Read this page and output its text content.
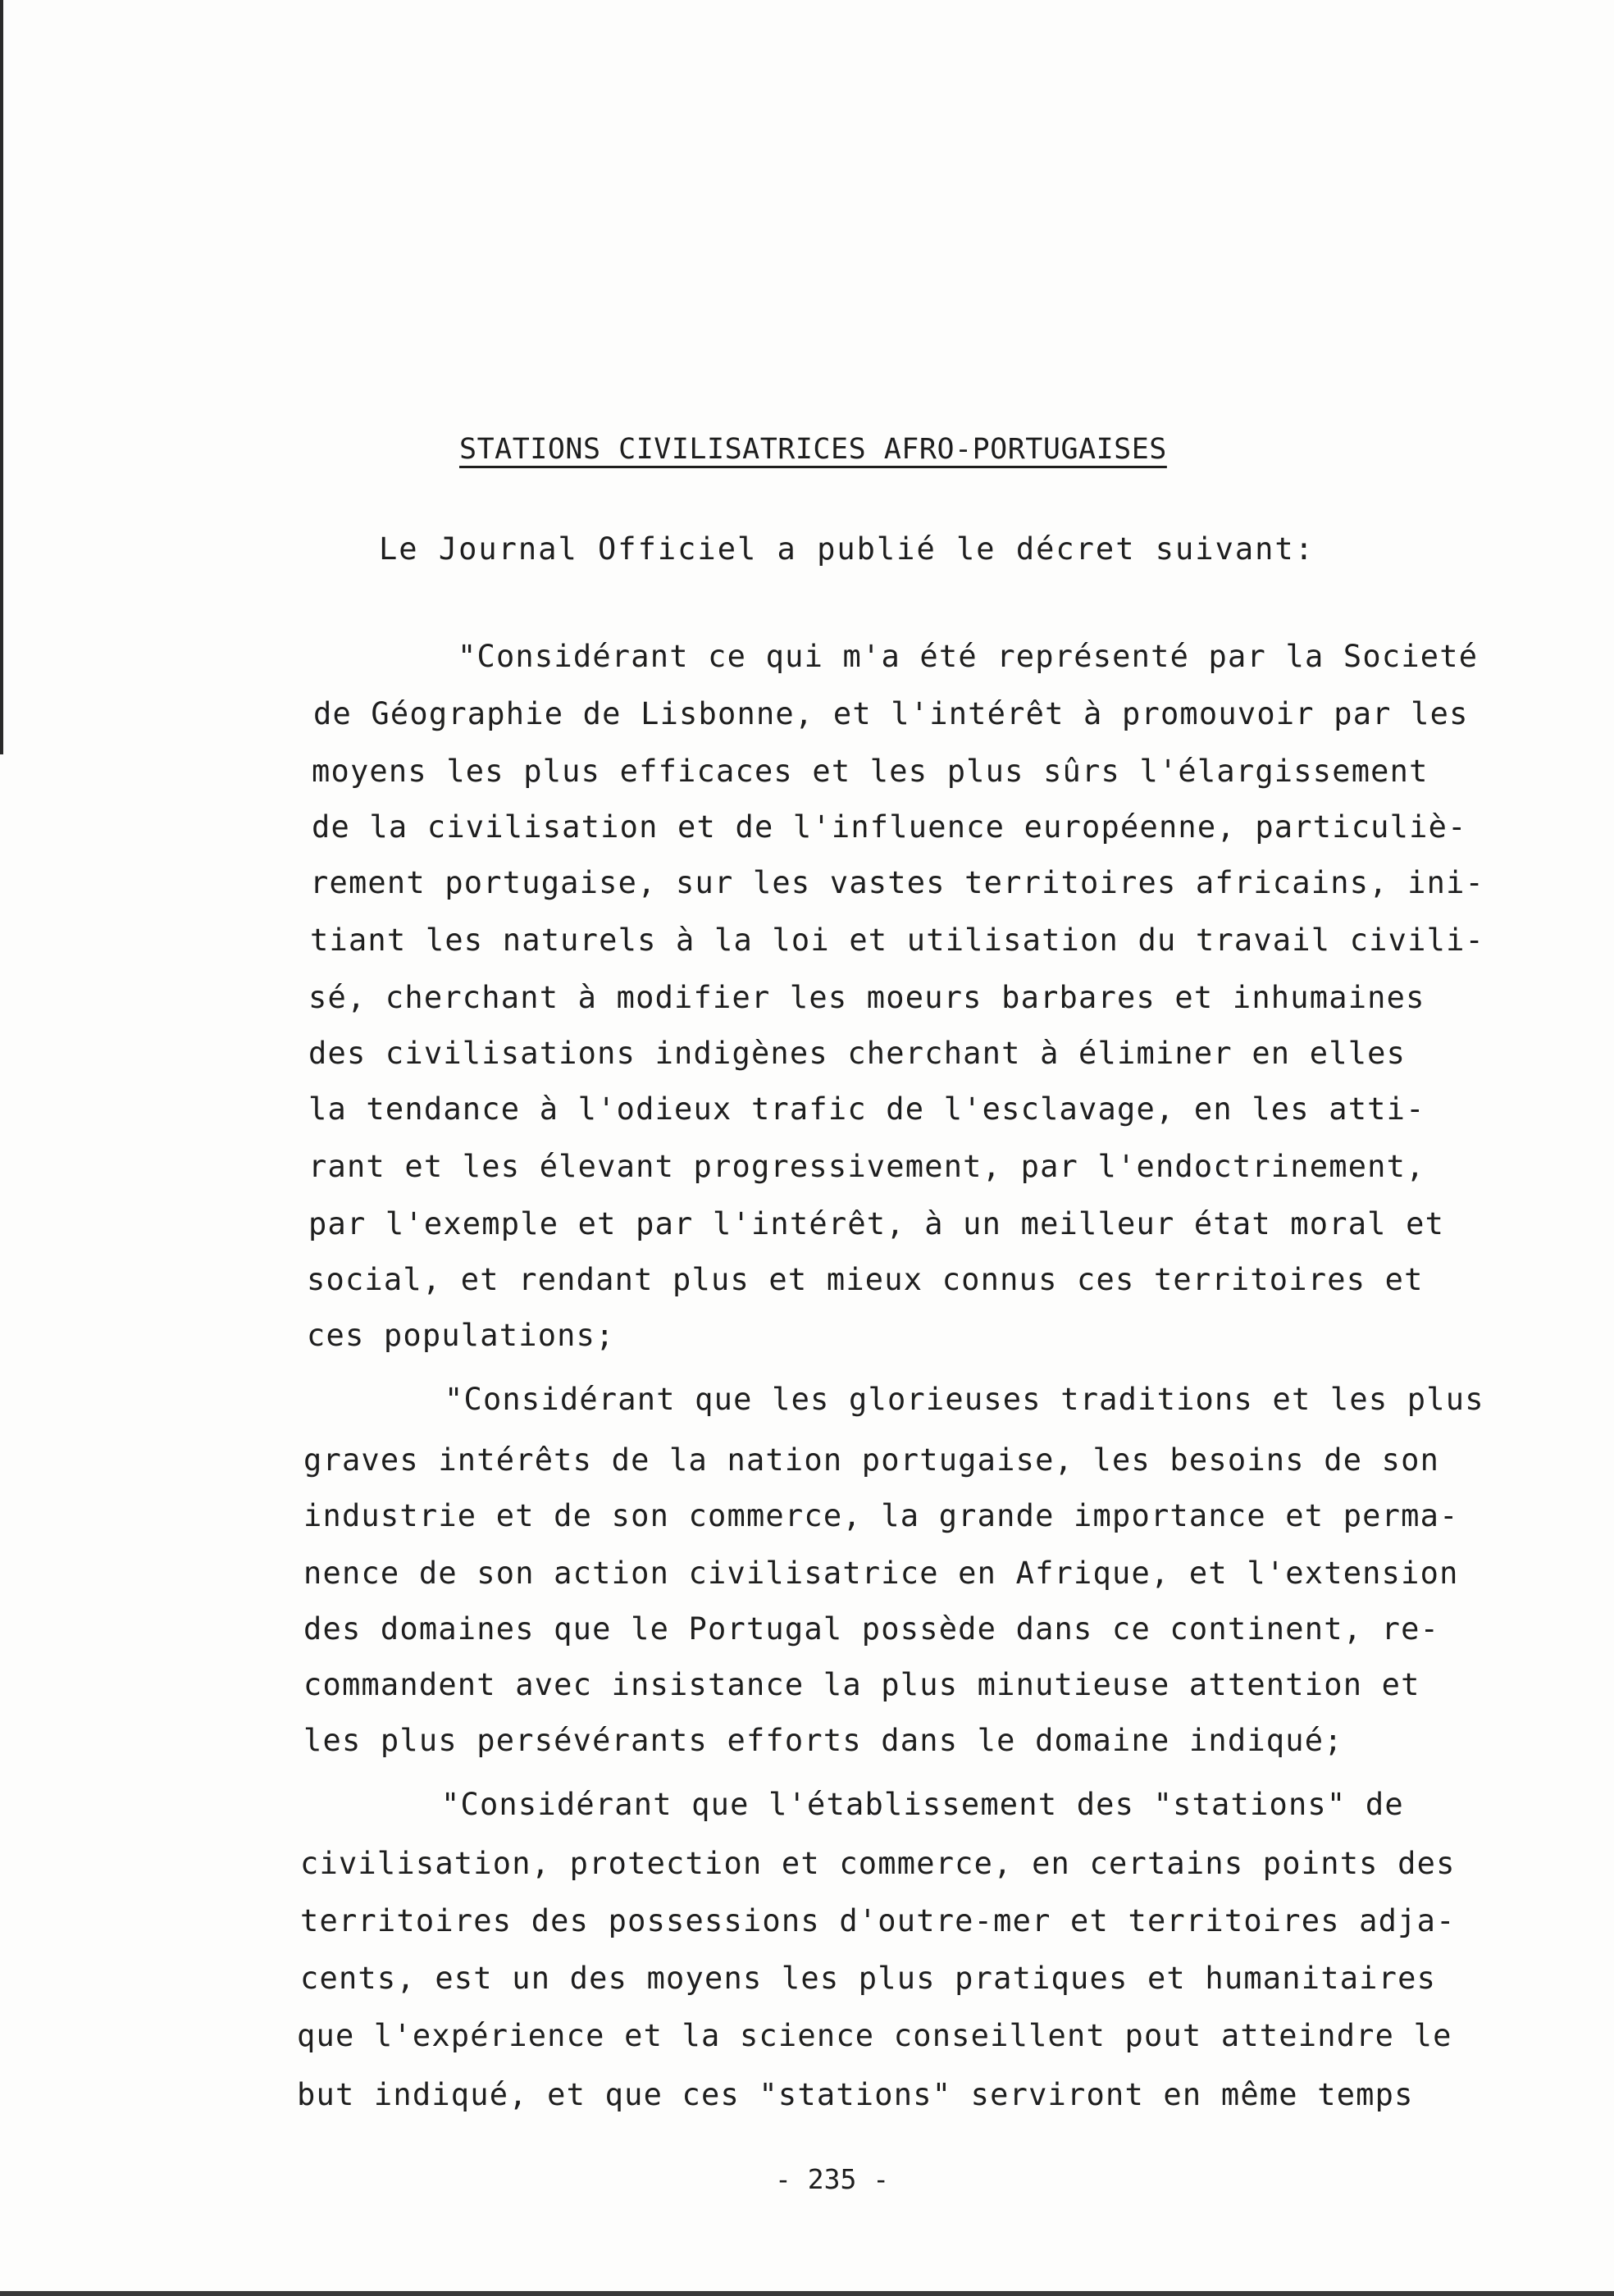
STATIONS CIVILISATRICES AFRO-PORTUGAISES
Le Journal Officiel a publié le décret suivant:
"Considérant ce qui m'a été représenté par la Societé
de Géographie de Lisbonne, et l'intérêt à promouvoir par les
moyens les plus efficaces et les plus sûrs l'élargissement
de la civilisation et de l'influence européenne, particuliè-
rement portugaise, sur les vastes territoires africains, ini-
tiant les naturels à la loi et utilisation du travail civili-
sé, cherchant à modifier les moeurs barbares et inhumaines
des civilisations indigènes cherchant à éliminer en elles
la tendance à l'odieux trafic de l'esclavage, en les atti-
rant et les élevant progressivement, par l'endoctrinement,
par l'exemple et par l'intérêt, à un meilleur état moral et
social, et rendant plus et mieux connus ces territoires et
ces populations;
"Considérant que les glorieuses traditions et les plus
graves intérêts de la nation portugaise, les besoins de son
industrie et de son commerce, la grande importance et perma-
nence de son action civilisatrice en Afrique, et l'extension
des domaines que le Portugal possède dans ce continent, re-
commandent avec insistance la plus minutieuse attention et
les plus persévérants efforts dans le domaine indiqué;
"Considérant que l'établissement des "stations" de
civilisation, protection et commerce, en certains points des
territoires des possessions d'outre-mer et territoires adja-
cents, est un des moyens les plus pratiques et humanitaires
que l'expérience et la science conseillent pout atteindre le
but indiqué, et que ces "stations" serviront en même temps
- 235 -
